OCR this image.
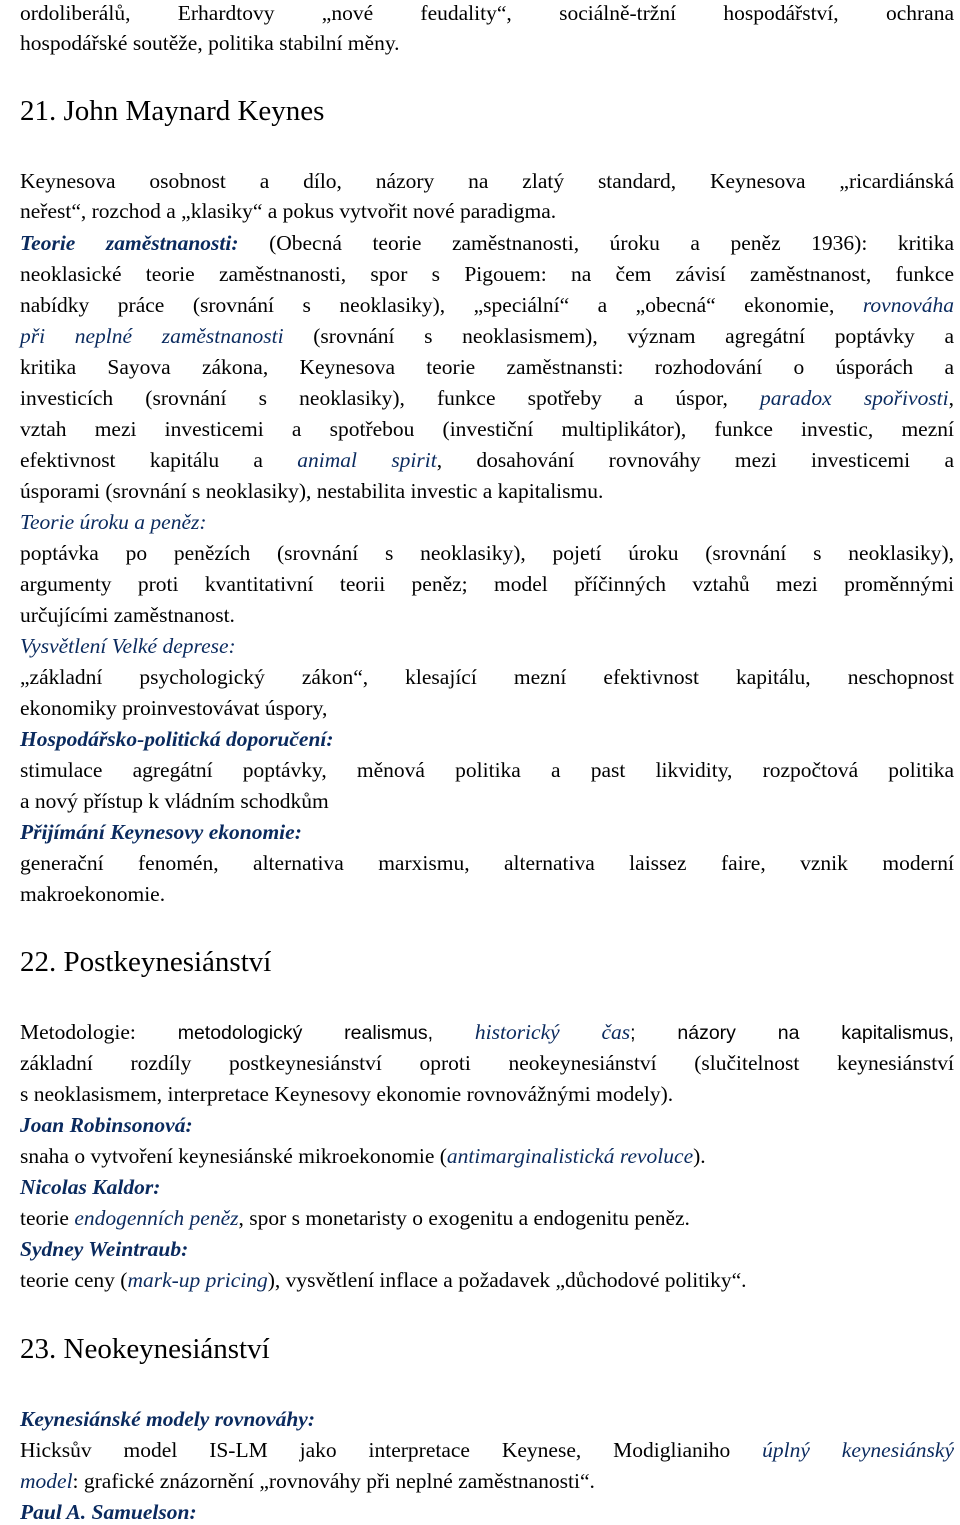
ordoliberálů, Erhardtovy „nové feudality“, sociálně-tržní hospodářství, ochrana
hospodářské soutěže, politika stabilní měny.
21. John Maynard Keynes
Keynesova osobnost a dílo, názory na zlatý standard, Keynesova „ricardiánská
neřest“, rozchod a „klasiky“ a pokus vytvořit nové paradigma.
Teorie zaměstnanosti: (Obecná teorie zaměstnanosti, úroku a peněz 1936): kritika
neoklasické teorie zaměstnanosti, spor s Pigouem: na čem závisí zaměstnanost, funkce
nabídky práce (srovnání s neoklasiky), „speciální“ a „obecná“ ekonomie, rovnováha
při neplné zaměstnanosti (srovnání s neoklasismem), význam agregátní poptávky a
kritika Sayova zákona, Keynesova teorie zaměstnansti: rozhodování o úsporách a
investicích (srovnání s neoklasiky), funkce spotřeby a úspor, paradox spořivosti,
vztah mezi investicemi a spotřebou (investiční multiplikátor), funkce investic, mezní
efektivnost kapitálu a animal spirit, dosahování rovnováhy mezi investicemi a
úsporami (srovnání s neoklasiky), nestabilita investic a kapitalismu.
Teorie úroku a peněz:
poptávka po penězích (srovnání s neoklasiky), pojetí úroku (srovnání s neoklasiky),
argumenty proti kvantitativní teorii peněz; model příčinných vztahů mezi proměnnými
určujícími zaměstnanost.
Vysvětlení Velké deprese:
„základní psychologický zákon“, klesající mezní efektivnost kapitálu, neschopnost
ekonomiky proinvestovávat úspory,
Hospodářsko-politická doporučení:
stimulace agregátní poptávky, měnová politika a past likvidity, rozpočtová politika
a nový přístup k vládním schodkům
Přijímání Keynesovy ekonomie:
generační fenomén, alternativa marxismu, alternativa laissez faire, vznik moderní
makroekonomie.
22. Postkeynesiánství
Metodologie: metodologický realismus, historický čas; názory na kapitalismus,
základní rozdíly postkeynesiánství oproti neokeynesiánství (slučitelnost keynesiánství
s neoklasismem, interpretace Keynesovy ekonomie rovnovážnými modely).
Joan Robinsonová:
snaha o vytvoření keynesiánské mikroekonomie (antimarginalistická revoluce).
Nicolas Kaldor:
teorie endogenních peněz, spor s monetaristy o exogenitu a endogenitu peněz.
Sydney Weintraub:
teorie ceny (mark-up pricing), vysvětlení inflace a požadavek „důchodové politiky“.
23. Neokeynesiánství
Keynesiánské modely rovnováhy:
Hicksův model IS-LM jako interpretace Keynese, Modiglianiho úplný keynesiánský
model: grafické znázornění „rovnováhy při neplné zaměstnanosti“.
Paul A. Samuelson:
